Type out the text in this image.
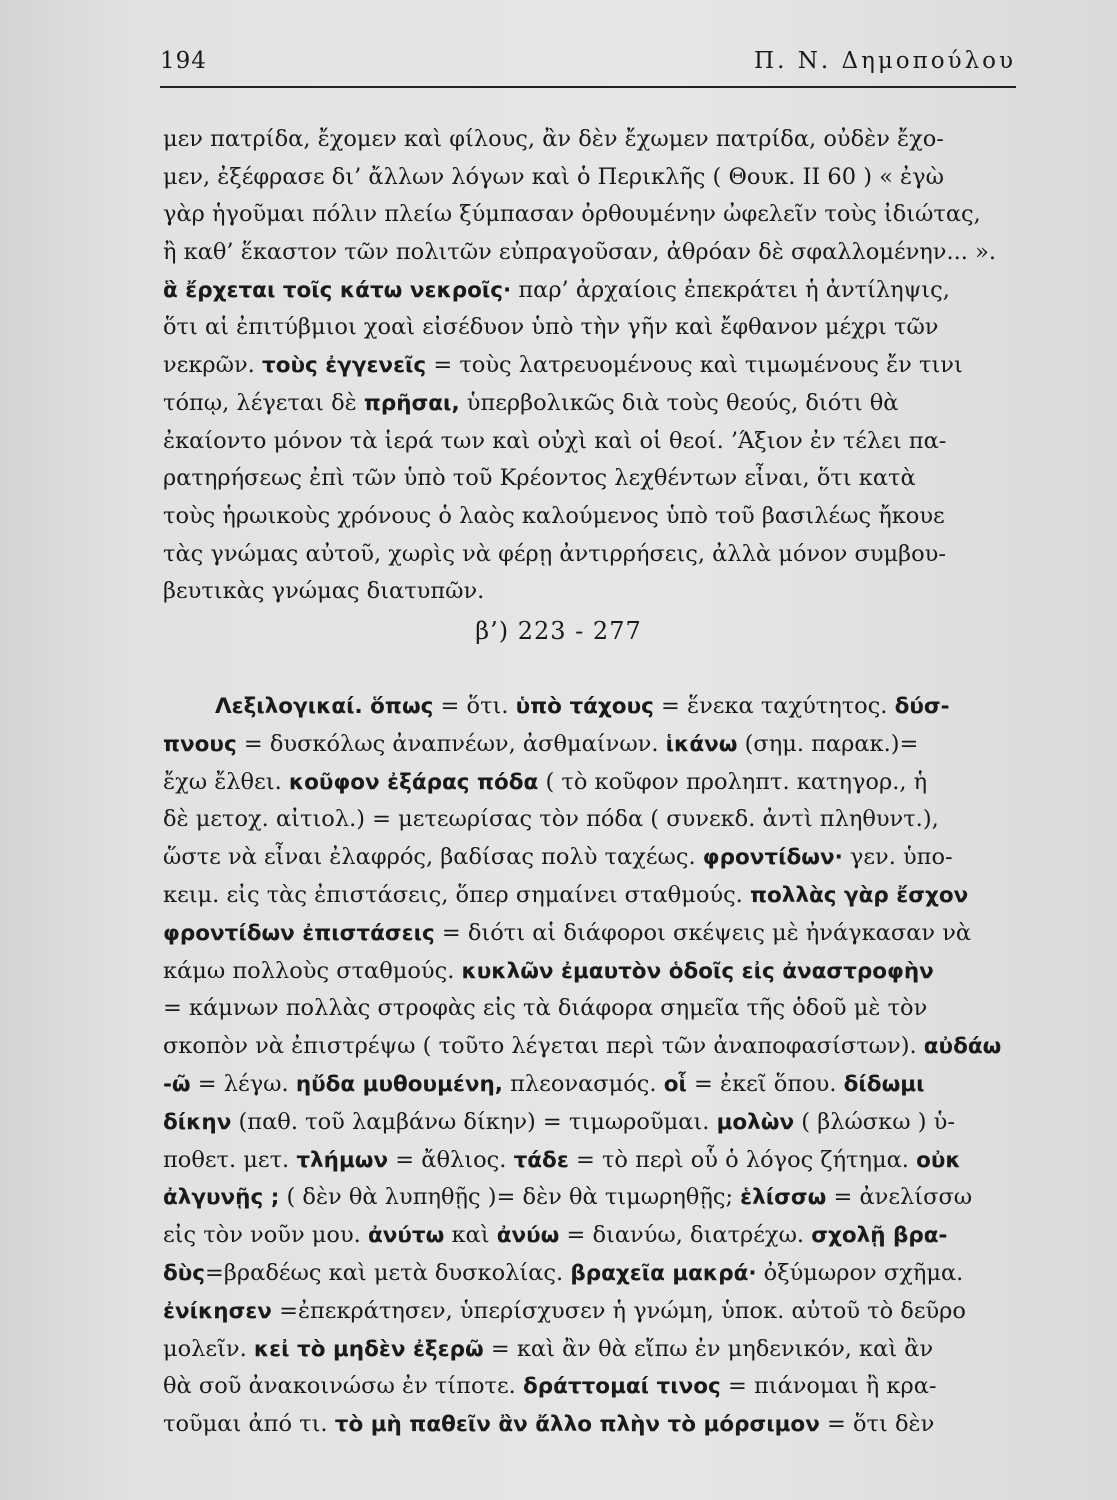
194	Π. Ν. Δημοπούλου
μεν πατρίδα, ἔχομεν καὶ φίλους, ἂν δὲν ἔχωμεν πατρίδα, οὐδὲν ἔχο-
μεν, ἐξέφρασε δι’ ἄλλων λόγων καὶ ὁ Περικλῆς ( Θουκ. ΙΙ 60 ) « ἐγὼ
γὰρ ἡγοῦμαι πόλιν πλείω ξύμπασαν ὀρθουμένην ὠφελεῖν τοὺς ἰδιώτας,
ἢ καθ’ ἕκαστον τῶν πολιτῶν εὐπραγοῦσαν, ἀθρόαν δὲ σφαλλομένην... ».
ἃ ἔρχεται τοῖς κάτω νεκροῖς· παρ’ ἀρχαίοις ἐπεκράτει ἡ ἀντίληψις,
ὅτι αἱ ἐπιτύβμιοι χοαὶ εἰσέδυον ὑπὸ τὴν γῆν καὶ ἔφθανον μέχρι τῶν
νεκρῶν. τοὺς ἐγγενεῖς = τοὺς λατρευομένους καὶ τιμωμένους ἔν τινι
τόπῳ, λέγεται δὲ πρῆσαι, ὑπερβολικῶς διὰ τοὺς θεούς, διότι θὰ
ἐκαίοντο μόνον τὰ ἱερά των καὶ οὐχὶ καὶ οἱ θεοί. ’Άξιον ἐν τέλει πα-
ρατηρήσεως ἐπὶ τῶν ὑπὸ τοῦ Κρέοντος λεχθέντων εἶναι, ὅτι κατὰ
τοὺς ἡρωικοὺς χρόνους ὁ λαὸς καλούμενος ὑπὸ τοῦ βασιλέως ἤκουε
τὰς γνώμας αὐτοῦ, χωρὶς νὰ φέρῃ ἀντιρρήσεις, ἀλλὰ μόνον συμβου-
βευτικὰς γνώμας διατυπῶν.
β’) 223 - 277
Λεξιλογικαί. ὅπως = ὅτι. ὑπὸ τάχους = ἕνεκα ταχύτητος. δύσ-
πνους = δυσκόλως ἀναπνέων, ἀσθμαίνων. ἱκάνω (σημ. παρακ.)=
ἔχω ἔλθει. κοῦφον ἐξάρας πόδα ( τὸ κοῦφον προληπτ. κατηγορ., ἡ
δὲ μετοχ. αἰτιολ.) = μετεωρίσας τὸν πόδα ( συνεκδ. ἀντὶ πληθυντ.),
ὥστε νὰ εἶναι ἐλαφρός, βαδίσας πολὺ ταχέως. φροντίδων· γεν. ὑπο-
κειμ. εἰς τὰς ἐπιστάσεις, ὅπερ σημαίνει σταθμούς. πολλὰς γὰρ ἔσχον
φροντίδων ἐπιστάσεις = διότι αἱ διάφοροι σκέψεις μὲ ἠνάγκασαν νὰ
κάμω πολλοὺς σταθμούς. κυκλῶν ἐμαυτὸν ὁδοῖς εἰς ἀναστροφὴν
= κάμνων πολλὰς στροφὰς εἰς τὰ διάφορα σημεῖα τῆς ὁδοῦ μὲ τὸν
σκοπὸν νὰ ἐπιστρέψω ( τοῦτο λέγεται περὶ τῶν ἀναποφασίστων). αὐδάω
-ῶ = λέγω. ηὔδα μυθουμένη, πλεονασμός. οἷ = ἐκεῖ ὅπου. δίδωμι
δίκην (παθ. τοῦ λαμβάνω δίκην) = τιμωροῦμαι. μολὼν ( βλώσκω ) ὑ-
ποθετ. μετ. τλήμων = ἄθλιος. τάδε = τὸ περὶ οὗ ὁ λόγος ζήτημα. οὐκ
ἀλγυνῇς ; ( δὲν θὰ λυπηθῇς )= δὲν θὰ τιμωρηθῇς; ἑλίσσω = ἀνελίσσω
εἰς τὸν νοῦν μου. ἀνύτω καὶ ἀνύω = διανύω, διατρέχω. σχολῇ βρα-
δὺς=βραδέως καὶ μετὰ δυσκολίας. βραχεῖα μακρά· ὀξύμωρον σχῆμα.
ἐνίκησεν =ἐπεκράτησεν, ὑπερίσχυσεν ἡ γνώμη, ὑποκ. αὐτοῦ τὸ δεῦρο
μολεῖν. κεἰ τὸ μηδὲν ἐξερῶ = καὶ ἂν θὰ εἴπω ἐν μηδενικόν, καὶ ἂν
θὰ σοῦ ἀνακοινώσω ἐν τίποτε. δράττομαί τινος = πιάνομαι ἢ κρα-
τοῦμαι ἀπό τι. τὸ μὴ παθεῖν ἂν ἄλλο πλὴν τὸ μόρσιμον = ὅτι δὲν
